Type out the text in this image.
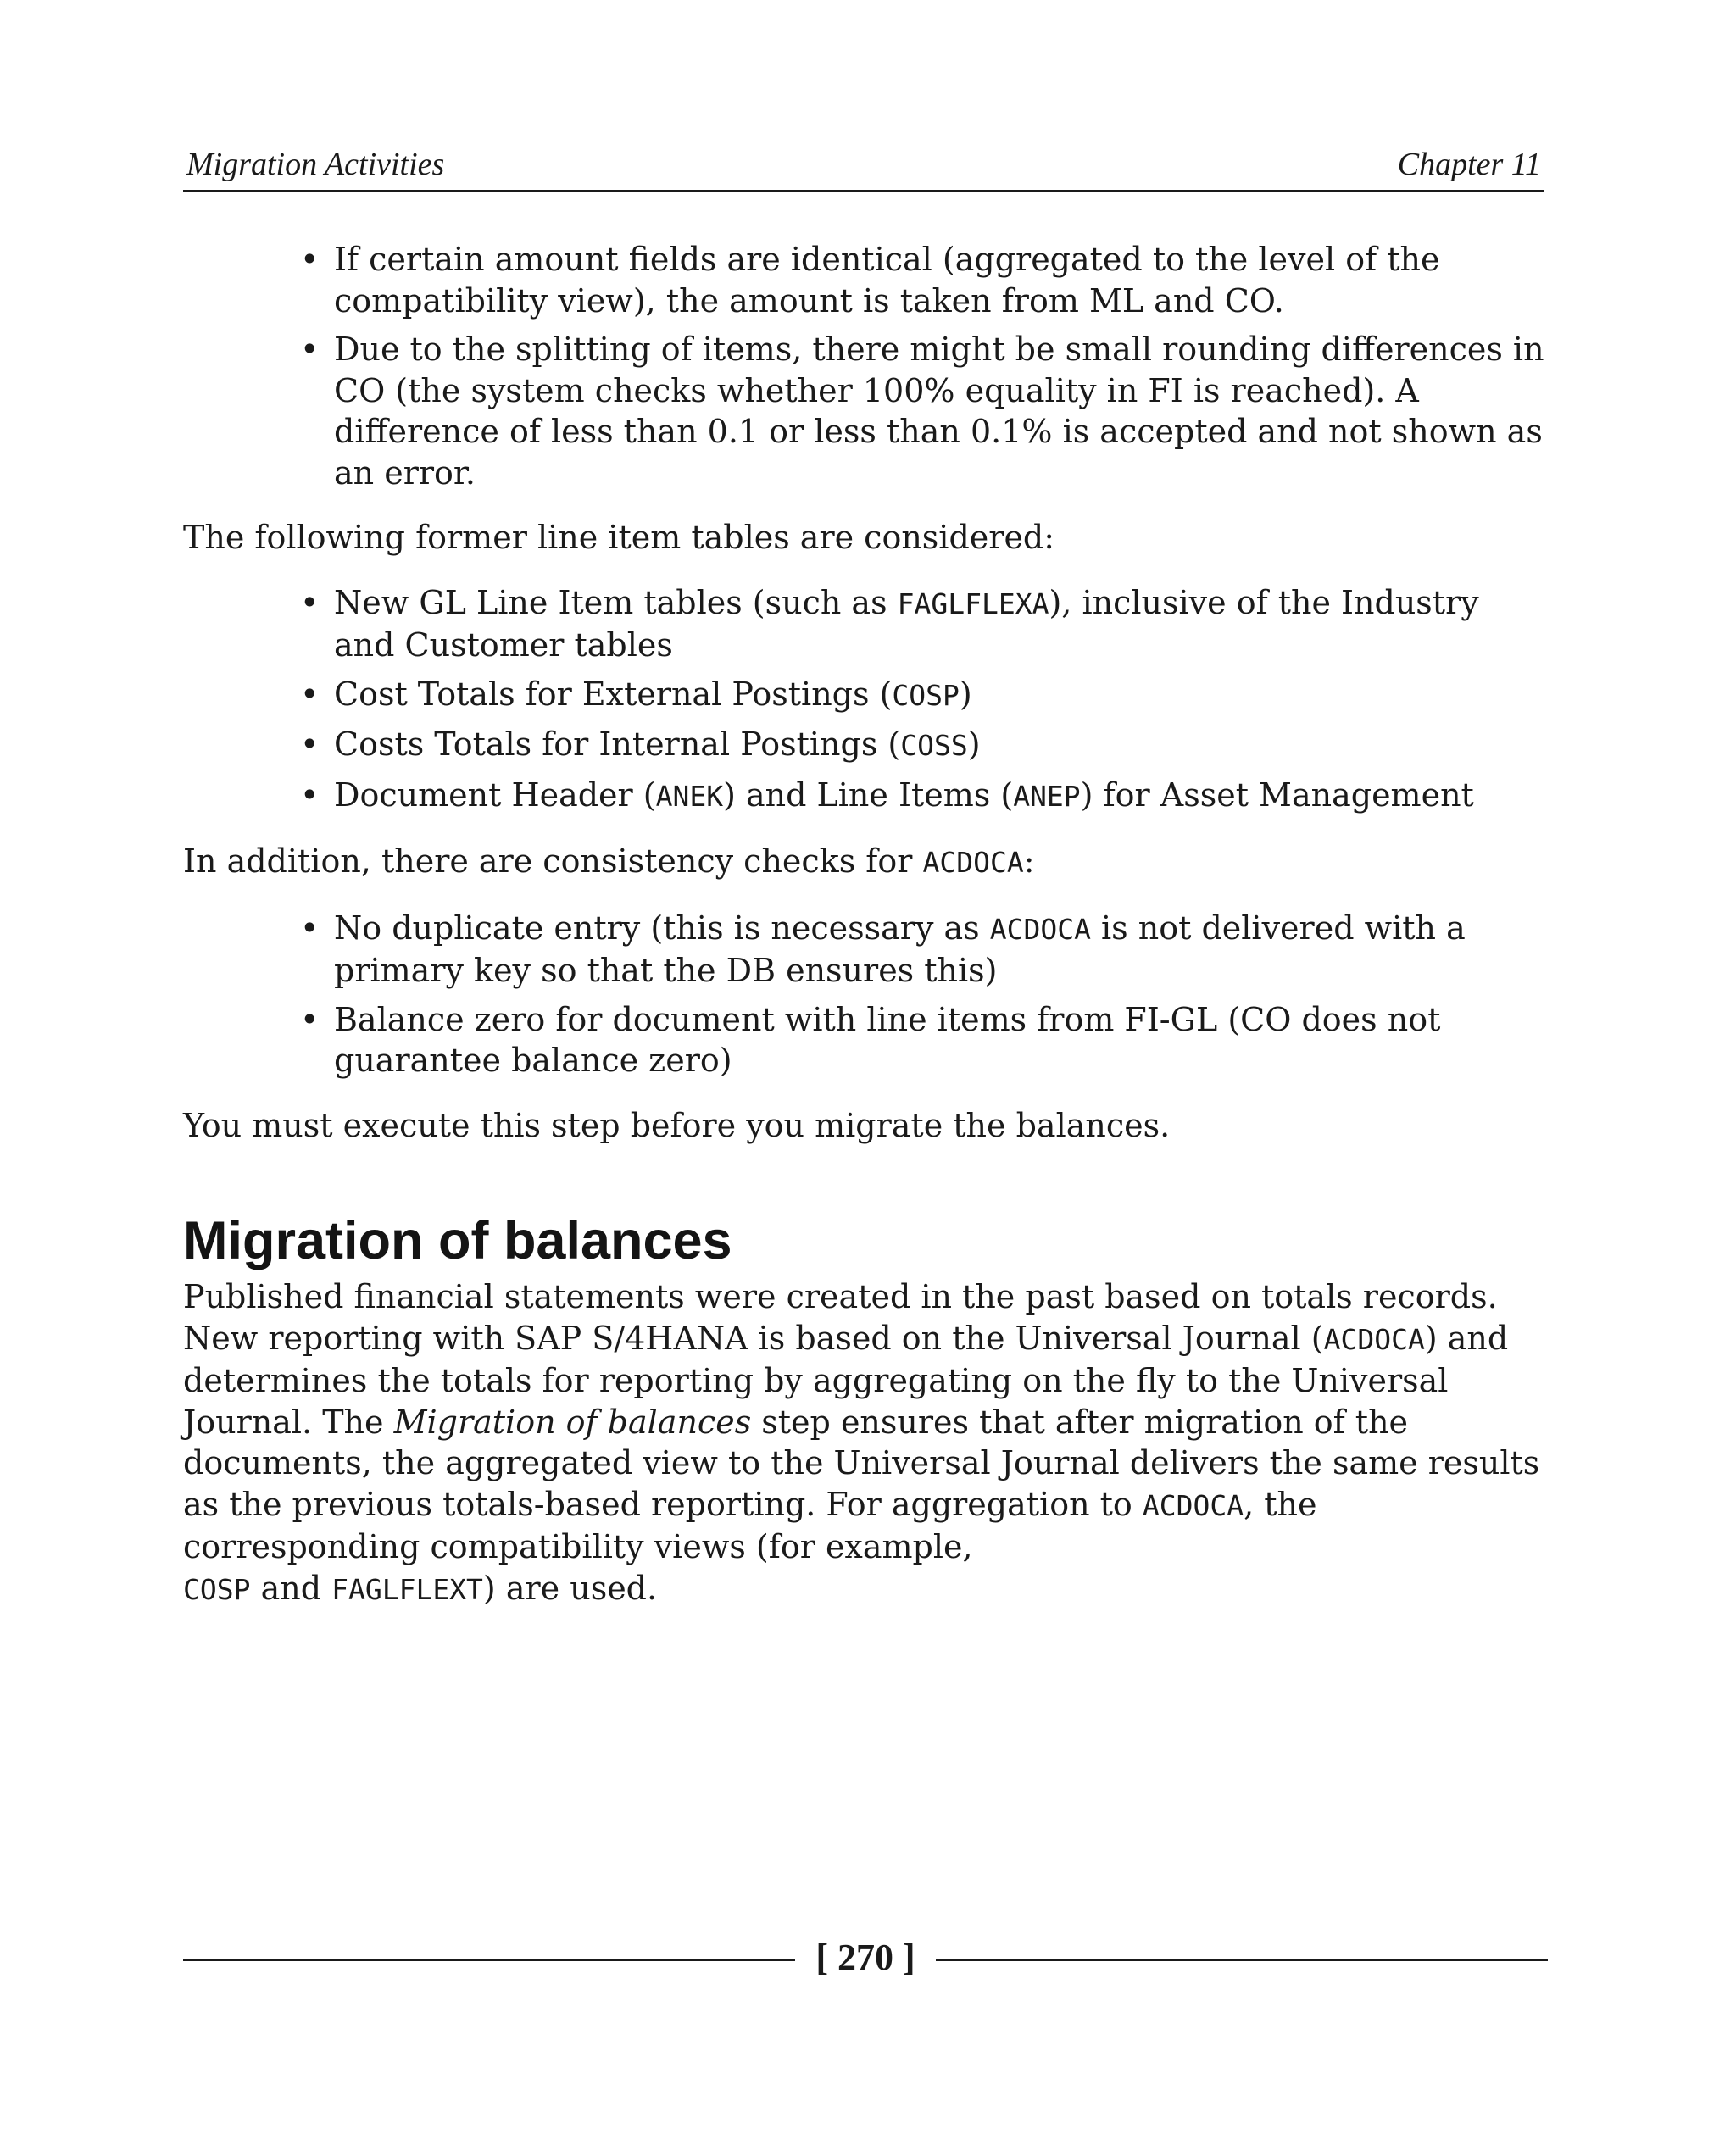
Migration Activities	Chapter 11
• If certain amount fields are identical (aggregated to the level of the compatibility view), the amount is taken from ML and CO.
• Due to the splitting of items, there might be small rounding differences in CO (the system checks whether 100% equality in FI is reached). A difference of less than 0.1 or less than 0.1% is accepted and not shown as an error.

The following former line item tables are considered:

• New GL Line Item tables (such as FAGLFLEXA), inclusive of the Industry and Customer tables
• Cost Totals for External Postings (COSP)
• Costs Totals for Internal Postings (COSS)
• Document Header (ANEK) and Line Items (ANEP) for Asset Management

In addition, there are consistency checks for ACDOCA:

• No duplicate entry (this is necessary as ACDOCA is not delivered with a primary key so that the DB ensures this)
• Balance zero for document with line items from FI-GL (CO does not guarantee balance zero)

You must execute this step before you migrate the balances.

Migration of balances

Published financial statements were created in the past based on totals records. New reporting with SAP S/4HANA is based on the Universal Journal (ACDOCA) and determines the totals for reporting by aggregating on the fly to the Universal Journal. The Migration of balances step ensures that after migration of the documents, the aggregated view to the Universal Journal delivers the same results as the previous totals-based reporting. For aggregation to ACDOCA, the corresponding compatibility views (for example,
COSP and FAGLFLEXT) are used.

[ 270 ]
